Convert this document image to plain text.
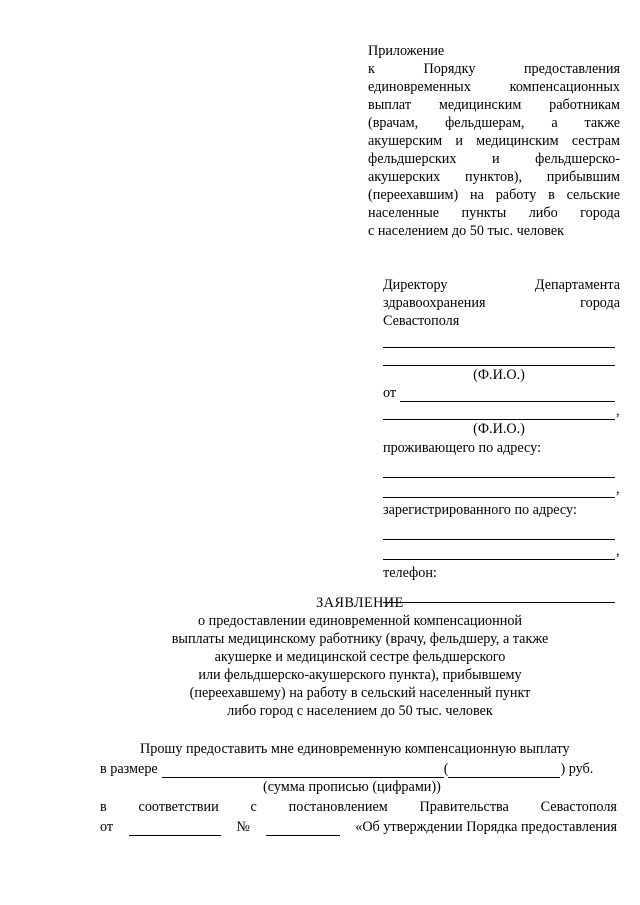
Приложение
к Порядку предоставления
единовременных компенсационных
выплат медицинским работникам
(врачам, фельдшерам, а также
акушерским и медицинским сестрам
фельдшерских и фельдшерско-
акушерских пунктов), прибывшим
(переехавшим) на работу в сельские
населенные пункты либо города
с населением до 50 тыс. человек
Директору	Департамента
здравоохранения	города
Севастополя
(Ф.И.О.)
от
,
(Ф.И.О.)
проживающего по адресу:
,
зарегистрированного по адресу:
,
телефон:
ЗАЯВЛЕНИЕ
о предоставлении единовременной компенсационной
выплаты медицинскому работнику (врачу, фельдшеру, а также
акушерке и медицинской сестре фельдшерского
или фельдшерско-акушерского пункта), прибывшему
(переехавшему) на работу в сельский населенный пункт
либо город с населением до 50 тыс. человек
Прошу предоставить мне единовременную компенсационную выплату
в размере	(	) руб.
(сумма прописью (цифрами))
в соответствии с постановлением Правительства Севастополя
от	№	«Об утверждении Порядка предоставления
